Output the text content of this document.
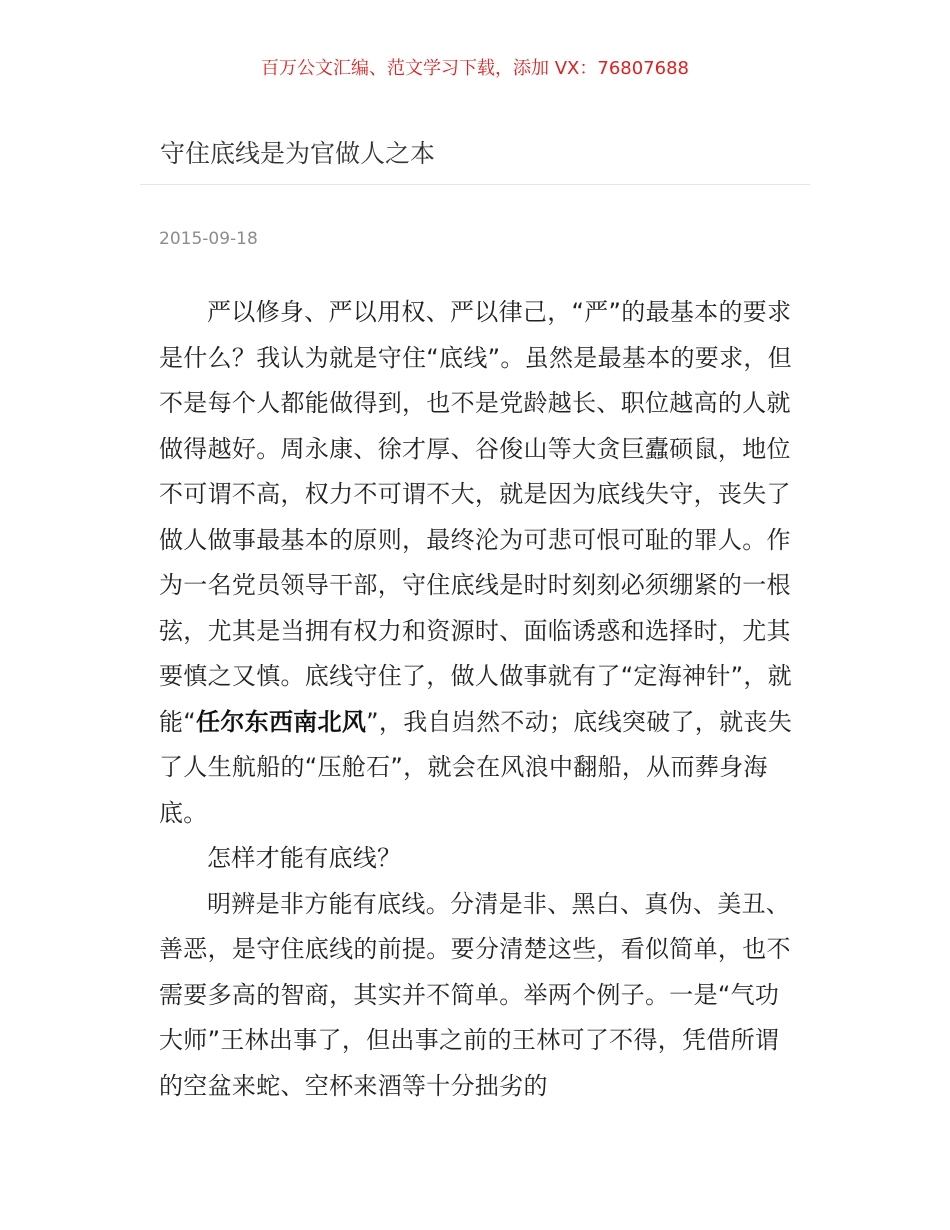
百万公文汇编、范文学习下载，添加 VX：76807688
守住底线是为官做人之本
2015-09-18

严以修身、严以用权、严以律己，“严”的最基本的要求是什么？我认为就是守住“底线”。虽然是最基本的要求，但不是每个人都能做得到，也不是党龄越长、职位越高的人就做得越好。周永康、徐才厚、谷俊山等大贪巨蠹硕鼠，地位不可谓不高，权力不可谓不大，就是因为底线失守，丧失了做人做事最基本的原则，最终沦为可悲可恨可耻的罪人。作为一名党员领导干部，守住底线是时时刻刻必须绷紧的一根弦，尤其是当拥有权力和资源时、面临诱惑和选择时，尤其要慎之又慎。底线守住了，做人做事就有了“定海神针”，就能“任尔东西南北风”，我自岿然不动；底线突破了，就丧失了人生航船的“压舱石”，就会在风浪中翻船，从而葬身海底。

怎样才能有底线？

明辨是非方能有底线。分清是非、黑白、真伪、美丑、善恶，是守住底线的前提。要分清楚这些，看似简单，也不需要多高的智商，其实并不简单。举两个例子。一是“气功大师”王林出事了，但出事之前的王林可了不得，凭借所谓的空盆来蛇、空杯来酒等十分拙劣的
